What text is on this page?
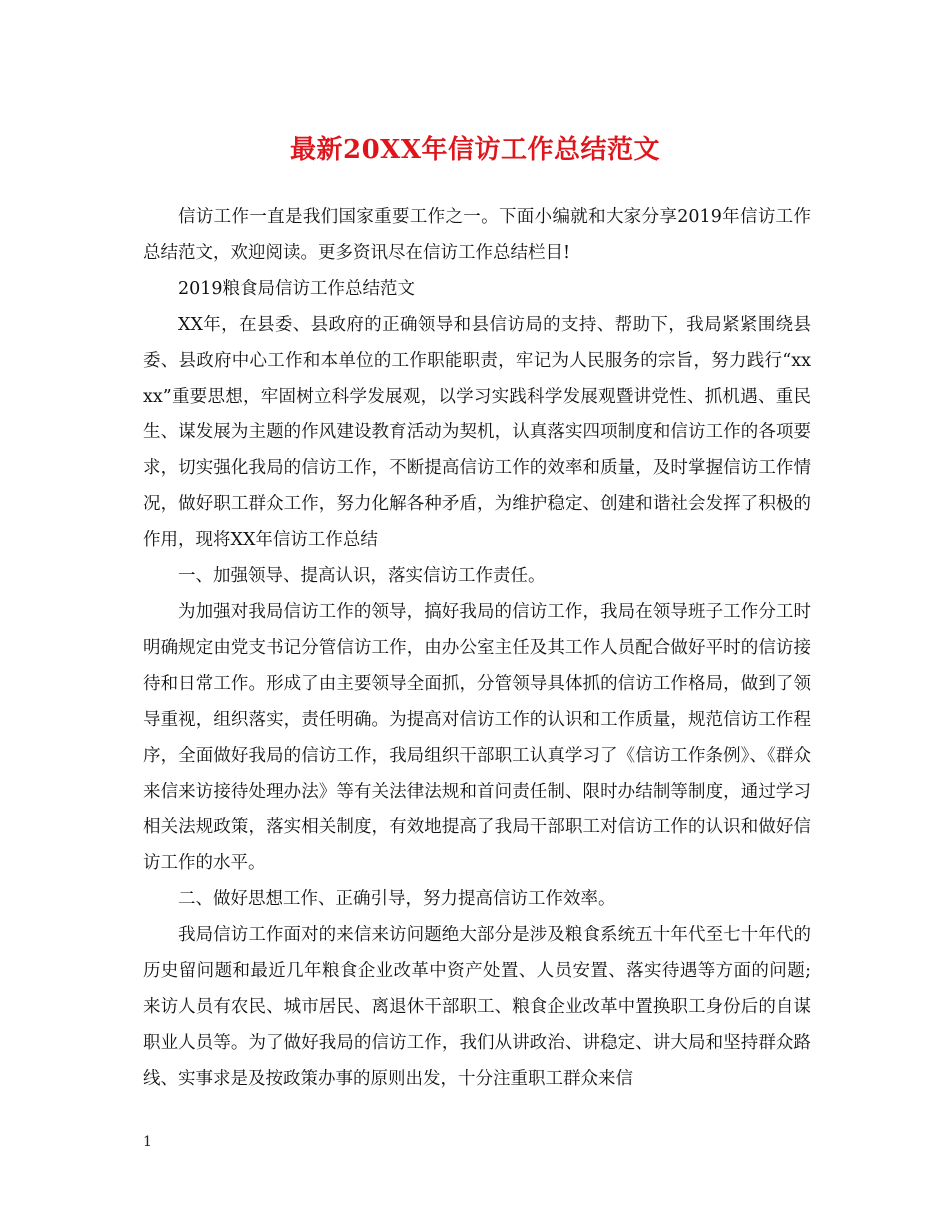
最新20XX年信访工作总结范文

信访工作一直是我们国家重要工作之一。下面小编就和大家分享2019年信访工作总结范文，欢迎阅读。更多资讯尽在信访工作总结栏目!

2019粮食局信访工作总结范文

XX年，在县委、县政府的正确领导和县信访局的支持、帮助下，我局紧紧围绕县委、县政府中心工作和本单位的工作职能职责，牢记为人民服务的宗旨，努力践行“xxxx”重要思想，牢固树立科学发展观，以学习实践科学发展观暨讲党性、抓机遇、重民生、谋发展为主题的作风建设教育活动为契机，认真落实四项制度和信访工作的各项要求，切实强化我局的信访工作，不断提高信访工作的效率和质量，及时掌握信访工作情况，做好职工群众工作，努力化解各种矛盾，为维护稳定、创建和谐社会发挥了积极的作用，现将XX年信访工作总结

一、加强领导、提高认识，落实信访工作责任。

为加强对我局信访工作的领导，搞好我局的信访工作，我局在领导班子工作分工时明确规定由党支书记分管信访工作，由办公室主任及其工作人员配合做好平时的信访接待和日常工作。形成了由主要领导全面抓，分管领导具体抓的信访工作格局，做到了领导重视，组织落实，责任明确。为提高对信访工作的认识和工作质量，规范信访工作程序，全面做好我局的信访工作，我局组织干部职工认真学习了《信访工作条例》、《群众来信来访接待处理办法》等有关法律法规和首问责任制、限时办结制等制度，通过学习相关法规政策，落实相关制度，有效地提高了我局干部职工对信访工作的认识和做好信访工作的水平。

二、做好思想工作、正确引导，努力提高信访工作效率。

我局信访工作面对的来信来访问题绝大部分是涉及粮食系统五十年代至七十年代的历史留问题和最近几年粮食企业改革中资产处置、人员安置、落实待遇等方面的问题;来访人员有农民、城市居民、离退休干部职工、粮食企业改革中置换职工身份后的自谋职业人员等。为了做好我局的信访工作，我们从讲政治、讲稳定、讲大局和坚持群众路线、实事求是及按政策办事的原则出发，十分注重职工群众来信

1
